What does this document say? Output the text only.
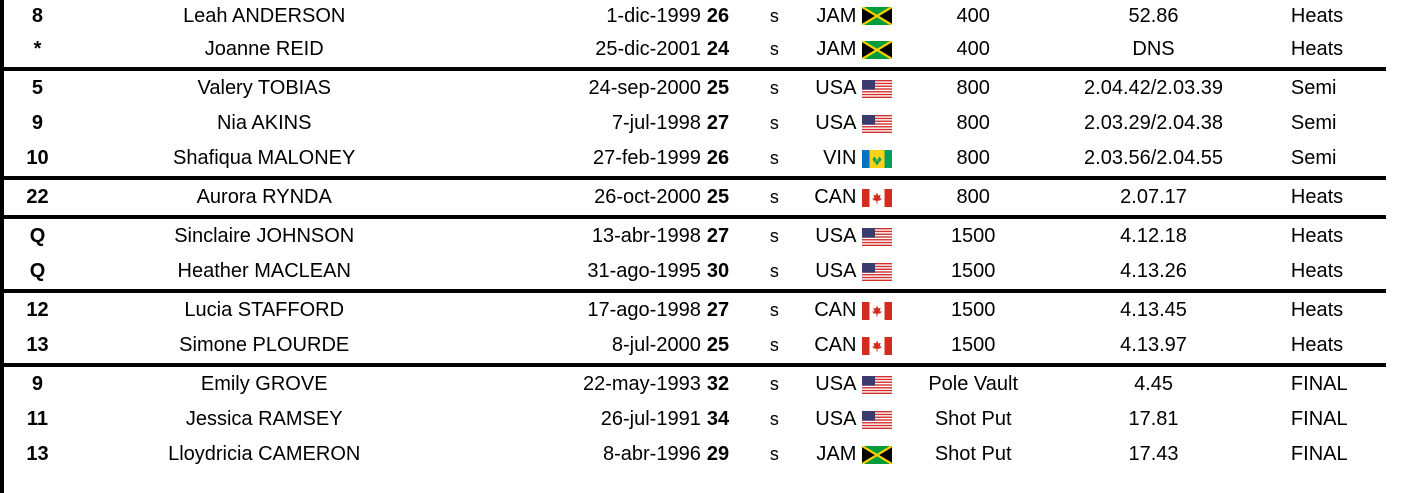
8	Leah ANDERSON	1-dic-1999	26	s	JAM		400	52.86	Heats
*	Joanne REID	25-dic-2001	24	s	JAM		400	DNS	Heats
5	Valery TOBIAS	24-sep-2000	25	s	USA		800	2.04.42/2.03.39	Semi
9	Nia AKINS	7-jul-1998	27	s	USA		800	2.03.29/2.04.38	Semi
10	Shafiqua MALONEY	27-feb-1999	26	s	VIN		800	2.03.56/2.04.55	Semi
22	Aurora RYNDA	26-oct-2000	25	s	CAN		800	2.07.17	Heats
Q	Sinclaire JOHNSON	13-abr-1998	27	s	USA		1500	4.12.18	Heats
Q	Heather MACLEAN	31-ago-1995	30	s	USA		1500	4.13.26	Heats
12	Lucia STAFFORD	17-ago-1998	27	s	CAN		1500	4.13.45	Heats
13	Simone PLOURDE	8-jul-2000	25	s	CAN		1500	4.13.97	Heats
9	Emily GROVE	22-may-1993	32	s	USA		Pole Vault	4.45	FINAL
11	Jessica RAMSEY	26-jul-1991	34	s	USA		Shot Put	17.81	FINAL
13	Lloydricia CAMERON	8-abr-1996	29	s	JAM		Shot Put	17.43	FINAL
